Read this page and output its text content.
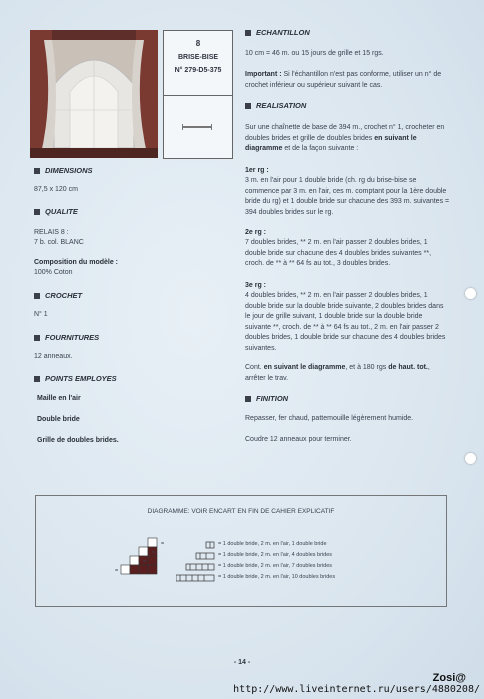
8
BRISE-BISE
N° 279-D5-375
DIMENSIONS
87,5 x 120 cm
QUALITE
RELAIS 8 :
7 b. col. BLANC
Composition du modèle :
100% Coton
CROCHET
N° 1
FOURNITURES
12 anneaux.
POINTS EMPLOYES
Maille en l'air
Double bride
Grille de doubles brides.
ECHANTILLON
10 cm = 46 m. ou 15 jours de grille et 15 rgs.
Important : Si l'échantillon n'est pas conforme, utiliser un n° de crochet inférieur ou supérieur suivant le cas.
REALISATION
Sur une chaînette de base de 394 m., crochet n° 1, crocheter en doubles brides et grille de doubles brides en suivant le diagramme et de la façon suivante :
1er rg :
3 m. en l'air pour 1 double bride (ch. rg du brise-bise se commence par 3 m. en l'air, ces m. comptant pour la 1ère double bride du rg) et 1 double bride sur chacune des 393 m. suivantes = 394 doubles brides sur le rg.
2e rg :
7 doubles brides, ** 2 m. en l'air passer 2 doubles brides, 1 double bride sur chacune des 4 doubles brides suivantes **, croch. de ** à ** 64 fs au tot., 3 doubles brides.
3e rg :
4 doubles brides, ** 2 m. en l'air passer 2 doubles brides, 1 double bride sur la double bride suivante, 2 doubles brides dans le jour de grille suivant, 1 double bride sur la double bride suivante **, croch. de ** à ** 64 fs au tot., 2 m. en l'air passer 2 doubles brides, 1 double bride sur chacune des 4 doubles brides suivantes.
Cont. en suivant le diagramme, et à 180 rgs de haut. tot., arrêter le trav.
FINITION
Repasser, fer chaud, pattemouille légèrement humide.
Coudre 12 anneaux pour terminer.
DIAGRAMME: VOIR ENCART EN FIN DE CAHIER EXPLICATIF
=
=
=
=
= 1 double bride, 2 m. en l'air, 1 double bride
= 1 double bride, 2 m. en l'air, 4 doubles brides
= 1 double bride, 2 m. en l'air, 7 doubles brides
= 1 double bride, 2 m. en l'air, 10 doubles brides
- 14 -
Zosi@
http://www.liveinternet.ru/users/4880208/
